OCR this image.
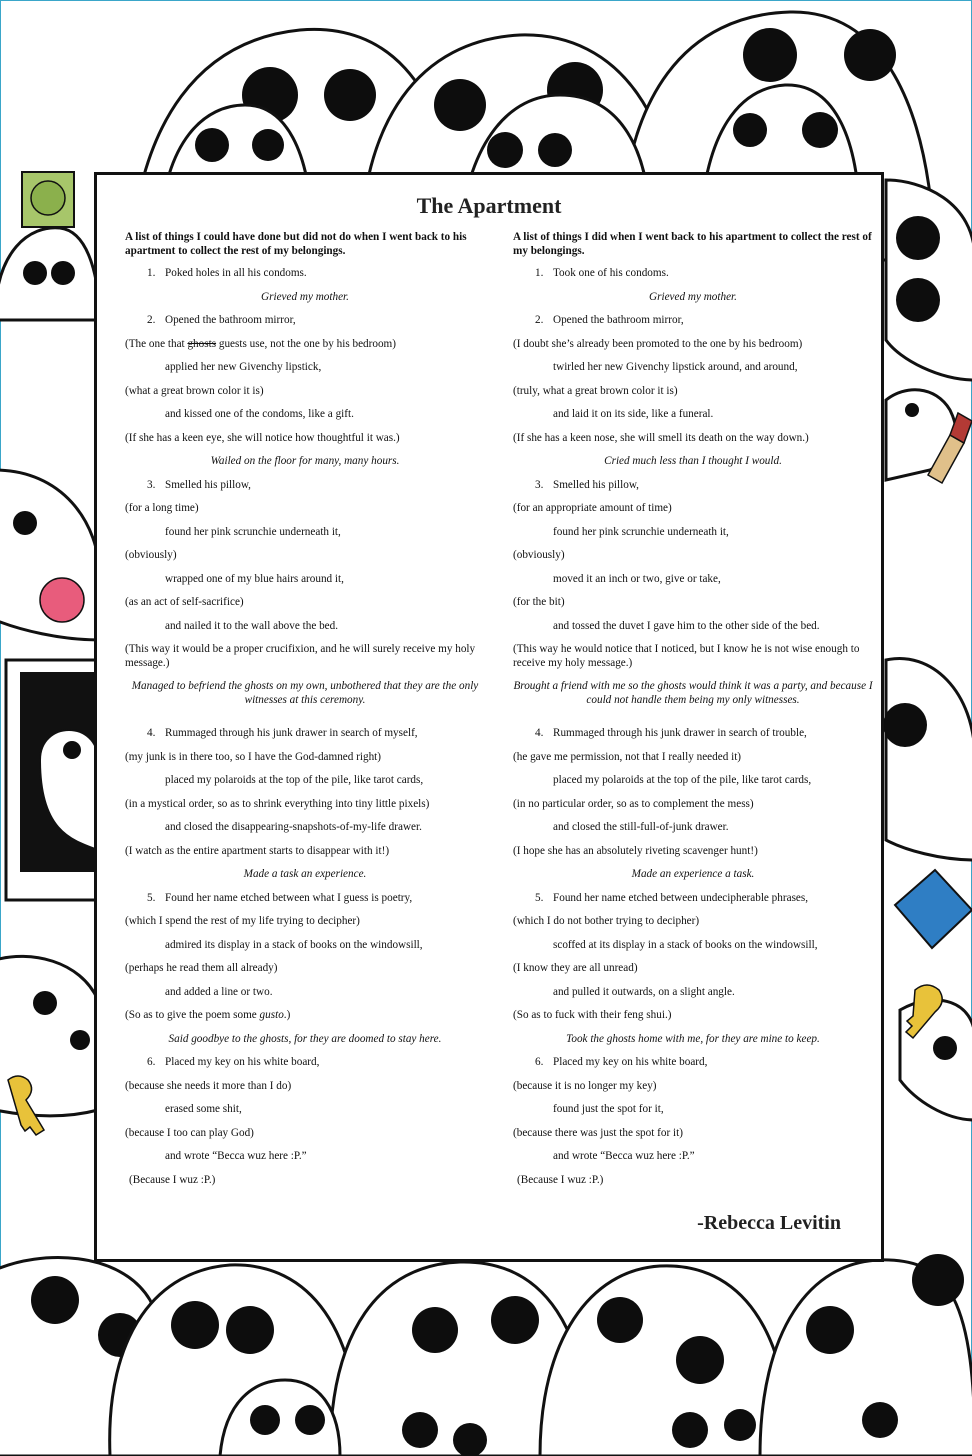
The Apartment
A list of things I could have done but did not do when I went back to his apartment to collect the rest of my belongings.
1. Poked holes in all his condoms.
Grieved my mother.
2. Opened the bathroom mirror,
(The one that ghosts guests use, not the one by his bedroom)
applied her new Givenchy lipstick,
(what a great brown color it is)
and kissed one of the condoms, like a gift.
(If she has a keen eye, she will notice how thoughtful it was.)
Wailed on the floor for many, many hours.
3. Smelled his pillow,
(for a long time)
found her pink scrunchie underneath it,
(obviously)
wrapped one of my blue hairs around it,
(as an act of self-sacrifice)
and nailed it to the wall above the bed.
(This way it would be a proper crucifixion, and he will surely receive my holy message.)
Managed to befriend the ghosts on my own, unbothered that they are the only witnesses at this ceremony.
4. Rummaged through his junk drawer in search of myself,
(my junk is in there too, so I have the God-damned right)
placed my polaroids at the top of the pile, like tarot cards,
(in a mystical order, so as to shrink everything into tiny little pixels)
and closed the disappearing-snapshots-of-my-life drawer.
(I watch as the entire apartment starts to disappear with it!)
Made a task an experience.
5. Found her name etched between what I guess is poetry,
(which I spend the rest of my life trying to decipher)
admired its display in a stack of books on the windowsill,
(perhaps he read them all already)
and added a line or two.
(So as to give the poem some gusto.)
Said goodbye to the ghosts, for they are doomed to stay here.
6. Placed my key on his white board,
(because she needs it more than I do)
erased some shit,
(because I too can play God)
and wrote “Becca wuz here :P.”
(Because I wuz :P.)
A list of things I did when I went back to his apartment to collect the rest of my belongings.
1. Took one of his condoms.
Grieved my mother.
2. Opened the bathroom mirror,
(I doubt she’s already been promoted to the one by his bedroom)
twirled her new Givenchy lipstick around, and around,
(truly, what a great brown color it is)
and laid it on its side, like a funeral.
(If she has a keen nose, she will smell its death on the way down.)
Cried much less than I thought I would.
3. Smelled his pillow,
(for an appropriate amount of time)
found her pink scrunchie underneath it,
(obviously)
moved it an inch or two, give or take,
(for the bit)
and tossed the duvet I gave him to the other side of the bed.
(This way he would notice that I noticed, but I know he is not wise enough to receive my holy message.)
Brought a friend with me so the ghosts would think it was a party, and because I could not handle them being my only witnesses.
4. Rummaged through his junk drawer in search of trouble,
(he gave me permission, not that I really needed it)
placed my polaroids at the top of the pile, like tarot cards,
(in no particular order, so as to complement the mess)
and closed the still-full-of-junk drawer.
(I hope she has an absolutely riveting scavenger hunt!)
Made an experience a task.
5. Found her name etched between undecipherable phrases,
(which I do not bother trying to decipher)
scoffed at its display in a stack of books on the windowsill,
(I know they are all unread)
and pulled it outwards, on a slight angle.
(So as to fuck with their feng shui.)
Took the ghosts home with me, for they are mine to keep.
6. Placed my key on his white board,
(because it is no longer my key)
found just the spot for it,
(because there was just the spot for it)
and wrote “Becca wuz here :P.”
(Because I wuz :P.)

-Rebecca Levitin
